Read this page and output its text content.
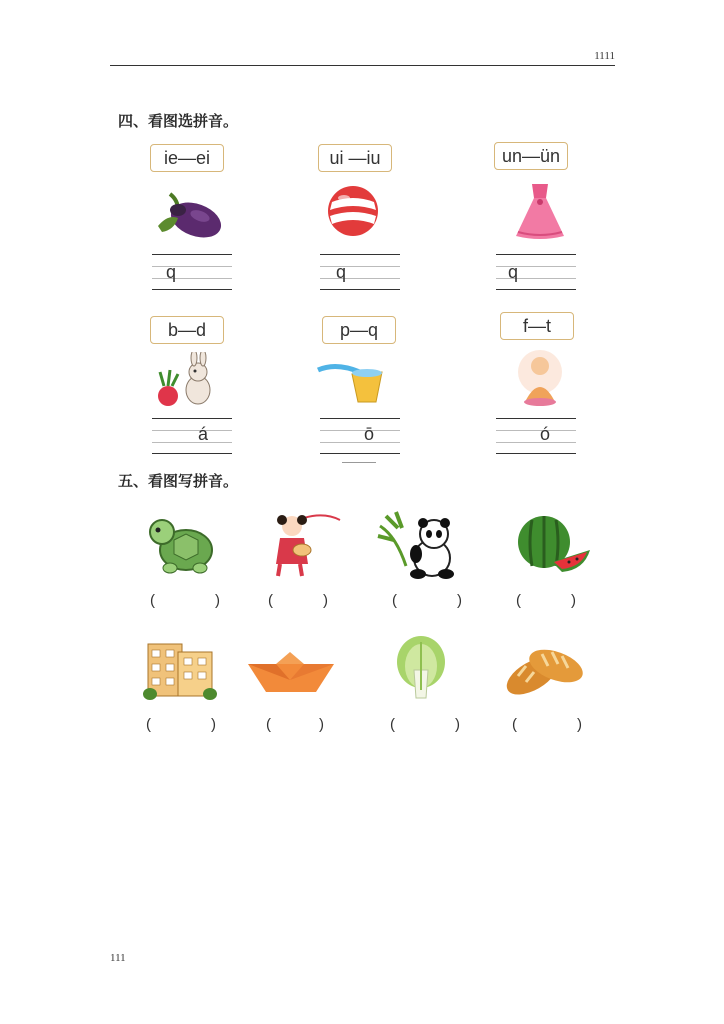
1111
四、看图选拼音。
ie—ei	ui —iu	un—ün
q	q	q
b—d	p—q	f—t
á	ō	ó
五、看图写拼音。
(	)	(	)	(	)	(	)
(	)	(	)	(	)	(	)
111
